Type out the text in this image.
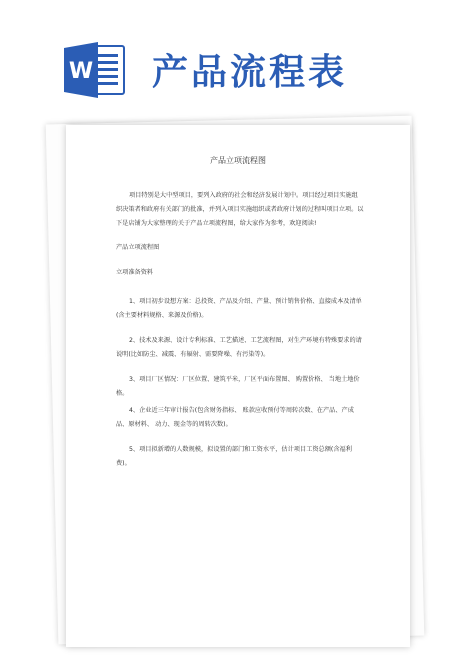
W 产品流程表
产品立项流程图

项目特别是大中型项目，要列入政府的社会和经济发展计划中。项目经过项目实施组织决策者和政府有关部门的批准，并列入项目实施组织或者政府计划的过程叫项目立项。以下是店铺为大家整理的关于产品立项流程图，给大家作为参考，欢迎阅读!

产品立项流程图

立项准备资料

1、项目初步设想方案：总投资、产品及介绍、产量、预计销售价格、直接成本及清单(含主要材料规格、来源及价格)。

2、技术及来源、设计专利标准、工艺描述、工艺流程图，对生产环境有特殊要求的请说明(比如防尘、减震、有辐射、需要降噪、有污染等)。

3、项目厂区情况：厂区位置、建筑平米，厂区平面布置图、 购置价格、 当地土地价格。

4、企业近三年审计报告(包含财务指标、 账款应收预付等周转次数、在产品、产成品、原材料、 动力、现金等的周转次数)。

5、项目拟新增的人数规模，拟设置的部门和工资水平，估计项目工资总额(含福利费)。
